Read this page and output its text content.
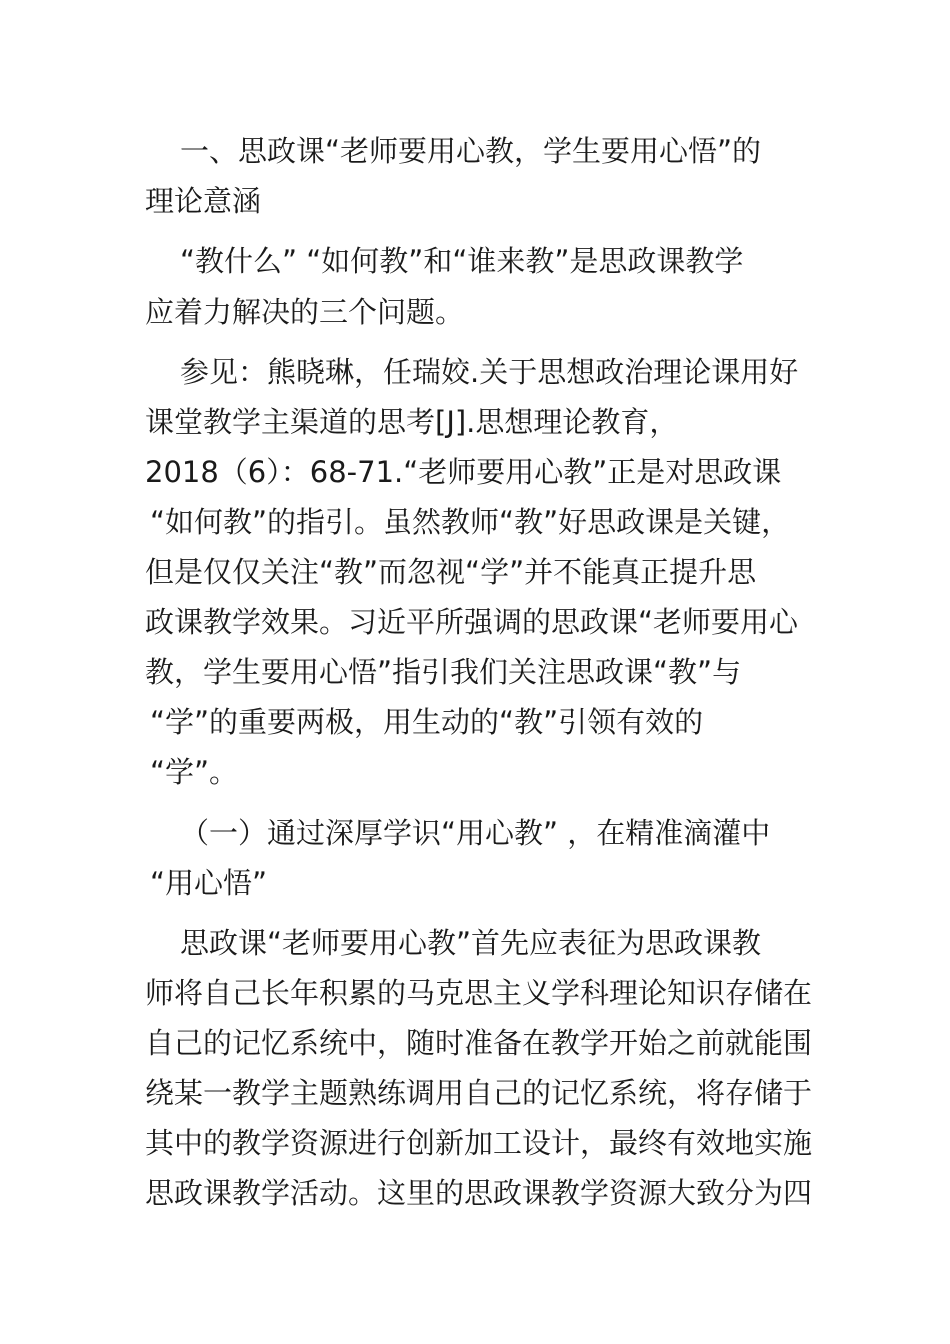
一、思政课“老师要用心教，学生要用心悟”的

理论意涵

“教什么” “如何教”和“谁来教”是思政课教学

应着力解决的三个问题。

参见：熊晓琳，任瑞姣.关于思想政治理论课用好

课堂教学主渠道的思考[J].思想理论教育，

2018（6）：68-71.“老师要用心教”正是对思政课

“如何教”的指引。虽然教师“教”好思政课是关键，

但是仅仅关注“教”而忽视“学”并不能真正提升思

政课教学效果。习近平所强调的思政课“老师要用心

教，学生要用心悟”指引我们关注思政课“教”与

“学”的重要两极，用生动的“教”引领有效的

“学”。

（一）通过深厚学识“用心教” ，在精准滴灌中

“用心悟”

思政课“老师要用心教”首先应表征为思政课教

师将自己长年积累的马克思主义学科理论知识存储在

自己的记忆系统中，随时准备在教学开始之前就能围

绕某一教学主题熟练调用自己的记忆系统，将存储于

其中的教学资源进行创新加工设计，最终有效地实施

思政课教学活动。这里的思政课教学资源大致分为四
